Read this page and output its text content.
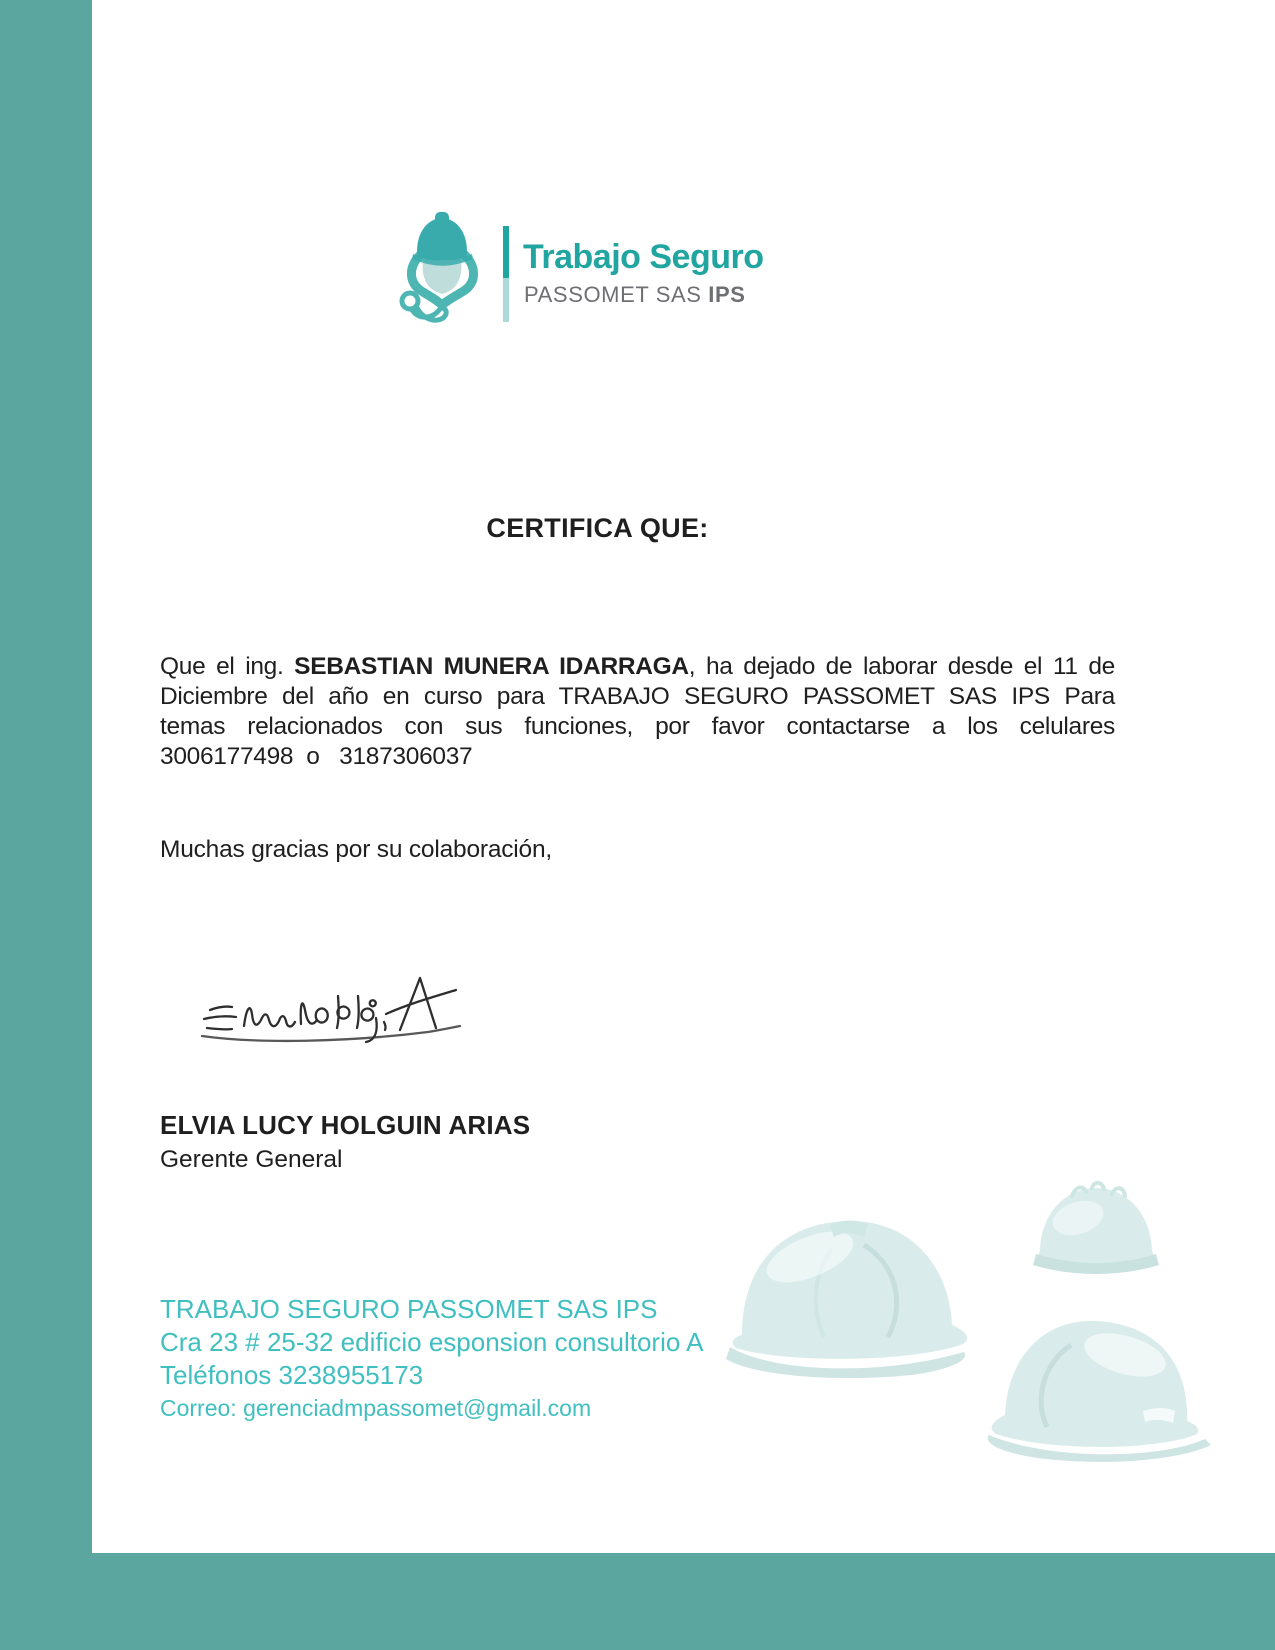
Trabajo Seguro
PASSOMET SAS IPS
CERTIFICA QUE:
Que el ing. SEBASTIAN MUNERA IDARRAGA, ha dejado de laborar desde el 11 de
Diciembre del año en curso para TRABAJO SEGURO PASSOMET SAS IPS Para
temas relacionados con sus funciones, por favor contactarse a los celulares
3006177498  o   3187306037
Muchas gracias por su colaboración,
ELVIA LUCY HOLGUIN ARIAS
Gerente General
TRABAJO SEGURO PASSOMET SAS IPS
Cra 23 # 25-32 edificio esponsion consultorio A
Teléfonos 3238955173
Correo: gerenciadmpassomet@gmail.com
